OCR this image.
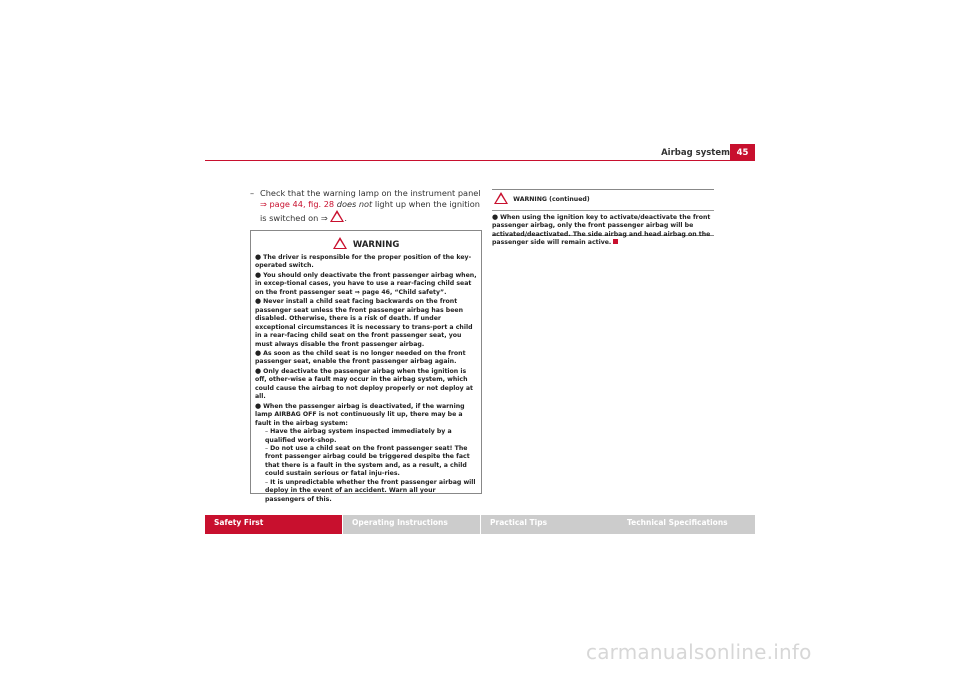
Airbag system 45
– Check that the warning lamp on the instrument panel
⇒ page 44, fig. 28 does not light up when the ignition is switched on ⇒ .
WARNING

● The driver is responsible for the proper position of the key-operated switch.

● You should only deactivate the front passenger airbag when, in excep-tional cases, you have to use a rear-facing child seat on the front passenger seat ⇒ page 46, “Child safety”.

● Never install a child seat facing backwards on the front passenger seat unless the front passenger airbag has been disabled. Otherwise, there is a risk of death. If under exceptional circumstances it is necessary to trans-port a child in a rear-facing child seat on the front passenger seat, you must always disable the front passenger airbag.

● As soon as the child seat is no longer needed on the front passenger seat, enable the front passenger airbag again.

● Only deactivate the passenger airbag when the ignition is off, other-wise a fault may occur in the airbag system, which could cause the airbag to not deploy properly or not deploy at all.

● When the passenger airbag is deactivated, if the warning lamp AIRBAG OFF is not continuously lit up, there may be a fault in the airbag system:

– Have the airbag system inspected immediately by a qualified work-shop.

– Do not use a child seat on the front passenger seat! The front passenger airbag could be triggered despite the fact that there is a fault in the system and, as a result, a child could sustain serious or fatal inju-ries.

– It is unpredictable whether the front passenger airbag will deploy in the event of an accident. Warn all your passengers of this.

WARNING (continued)

● When using the ignition key to activate/deactivate the front passenger airbag, only the front passenger airbag will be activated/deactivated. The side airbag and head airbag on the passenger side will remain active.

Safety First	Operating Instructions	Practical Tips	Technical Specifications
carmanualsonline.info
